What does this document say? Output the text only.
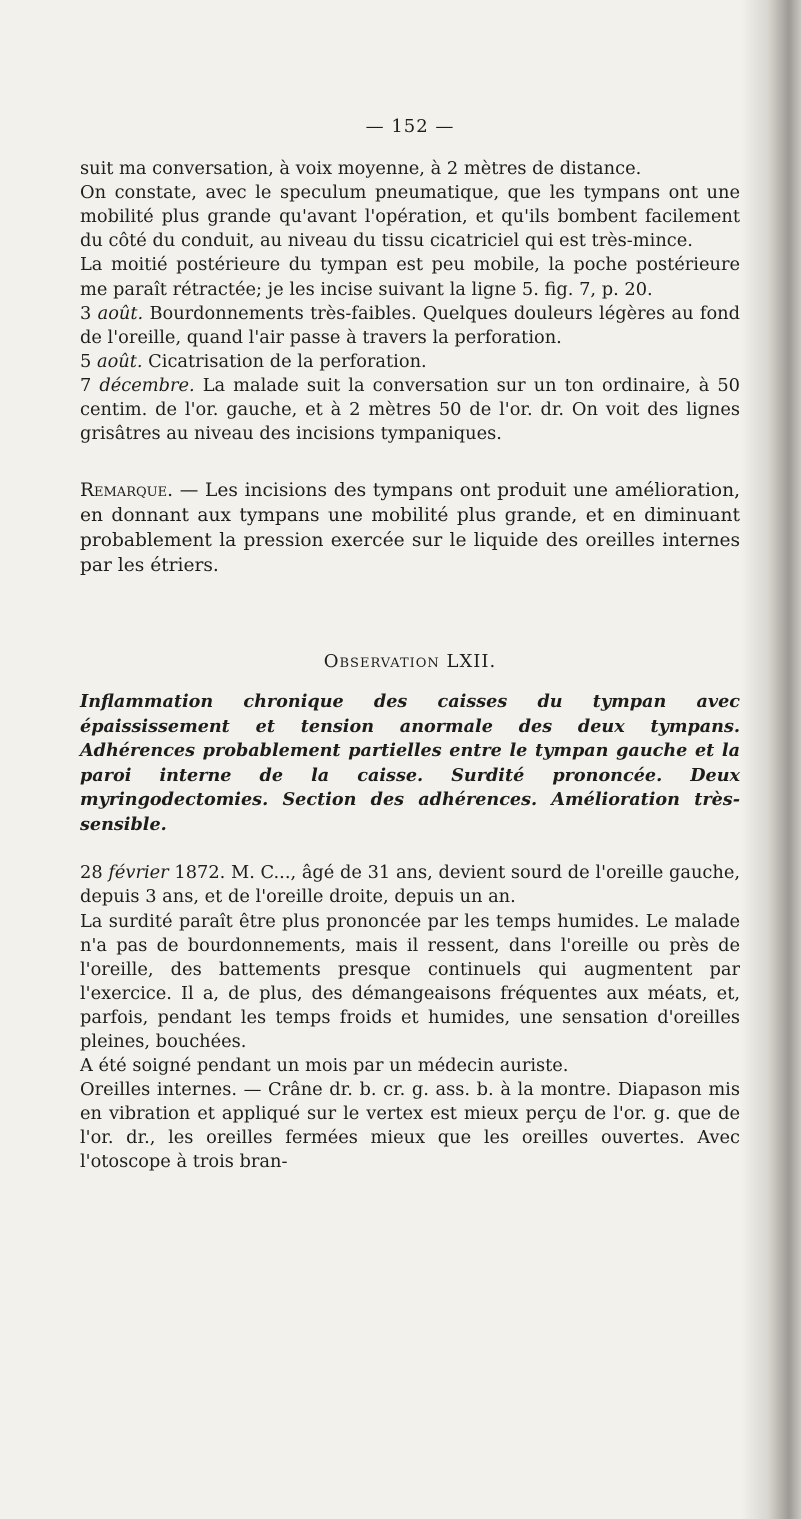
— 152 —

suit ma conversation, à voix moyenne, à 2 mètres de distance.

On constate, avec le speculum pneumatique, que les tympans ont une mobilité plus grande qu'avant l'opération, et qu'ils bombent facilement du côté du conduit, au niveau du tissu cicatriciel qui est très-mince.

La moitié postérieure du tympan est peu mobile, la poche postérieure me paraît rétractée; je les incise suivant la ligne 5. fig. 7, p. 20.

3 août. Bourdonnements très-faibles. Quelques douleurs légères au fond de l'oreille, quand l'air passe à travers la perforation.

5 août. Cicatrisation de la perforation.

7 décembre. La malade suit la conversation sur un ton ordinaire, à 50 centim. de l'or. gauche, et à 2 mètres 50 de l'or. dr. On voit des lignes grisâtres au niveau des incisions tympaniques.

Remarque. — Les incisions des tympans ont produit une amélioration, en donnant aux tympans une mobilité plus grande, et en diminuant probablement la pression exercée sur le liquide des oreilles internes par les étriers.

Observation LXII.

Inflammation chronique des caisses du tympan avec épaississement et tension anormale des deux tympans. Adhérences probablement partielles entre le tympan gauche et la paroi interne de la caisse. Surdité prononcée. Deux myringodectomies. Section des adhérences. Amélioration très-sensible.

28 février 1872. M. C..., âgé de 31 ans, devient sourd de l'oreille gauche, depuis 3 ans, et de l'oreille droite, depuis un an.

La surdité paraît être plus prononcée par les temps humides. Le malade n'a pas de bourdonnements, mais il ressent, dans l'oreille ou près de l'oreille, des battements presque continuels qui augmentent par l'exercice. Il a, de plus, des démangeaisons fréquentes aux méats, et, parfois, pendant les temps froids et humides, une sensation d'oreilles pleines, bouchées.

A été soigné pendant un mois par un médecin auriste.

Oreilles internes. — Crâne dr. b. cr. g. ass. b. à la montre. Diapason mis en vibration et appliqué sur le vertex est mieux perçu de l'or. g. que de l'or. dr., les oreilles fermées mieux que les oreilles ouvertes. Avec l'otoscope à trois bran-
